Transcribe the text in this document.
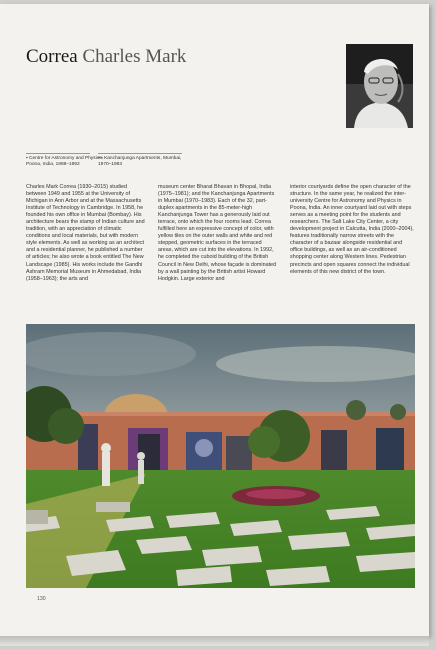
Correa Charles Mark
▪ Centre for Astronomy and Physics, Poona, India, 1988–1992
▪ ▪ Kanchanjunga Apartments, Mumbai, 1970–1983
Charles Mark Correa (1930–2015) studied between 1949 and 1955 at the University of Michigan in Ann Arbor and at the Massachusetts Institute of Technology in Cambridge. In 1958, he founded his own office in Mumbai (Bombay). His architecture bears the stamp of Indian culture and tradition, with an appreciation of climatic conditions and local materials, but with modern style elements. As well as working as an architect and a residential planner, he published a number of articles; he also wrote a book entitled The New Landscape (1985). His works include the Gandhi Ashram Memorial Museum in Ahmedabad, India (1958–1963); the arts and
museum center Bharat Bhavan in Bhopal, India (1975–1981); and the Kanchanjunga Apartments in Mumbai (1970–1983). Each of the 32, part-duplex apartments in the 85-meter-high Kanchanjunga Tower has a generously laid out terrace, onto which the four rooms lead. Correa fulfilled here an expressive concept of color, with yellow tiles on the outer walls and white and red stepped, geometric surfaces in the terraced areas, which are cut into the elevations. In 1992, he completed the cuboid building of the British Council in New Delhi, whose façade is dominated by a wall painting by the British artist Howard Hodgkin. Large exterior and
interior courtyards define the open character of the structure. In the same year, he realized the inter-university Centre for Astronomy and Physics in Poona, India. An inner courtyard laid out with steps serves as a meeting point for the students and researchers. The Salt Lake City Center, a city development project in Calcutta, India (2000–2004), features traditionally narrow streets with the character of a bazaar alongside residential and office buildings, as well as an air-conditioned shopping center along Western lines. Pedestrian precincts and open squares connect the individual elements of this new district of the town.
130
